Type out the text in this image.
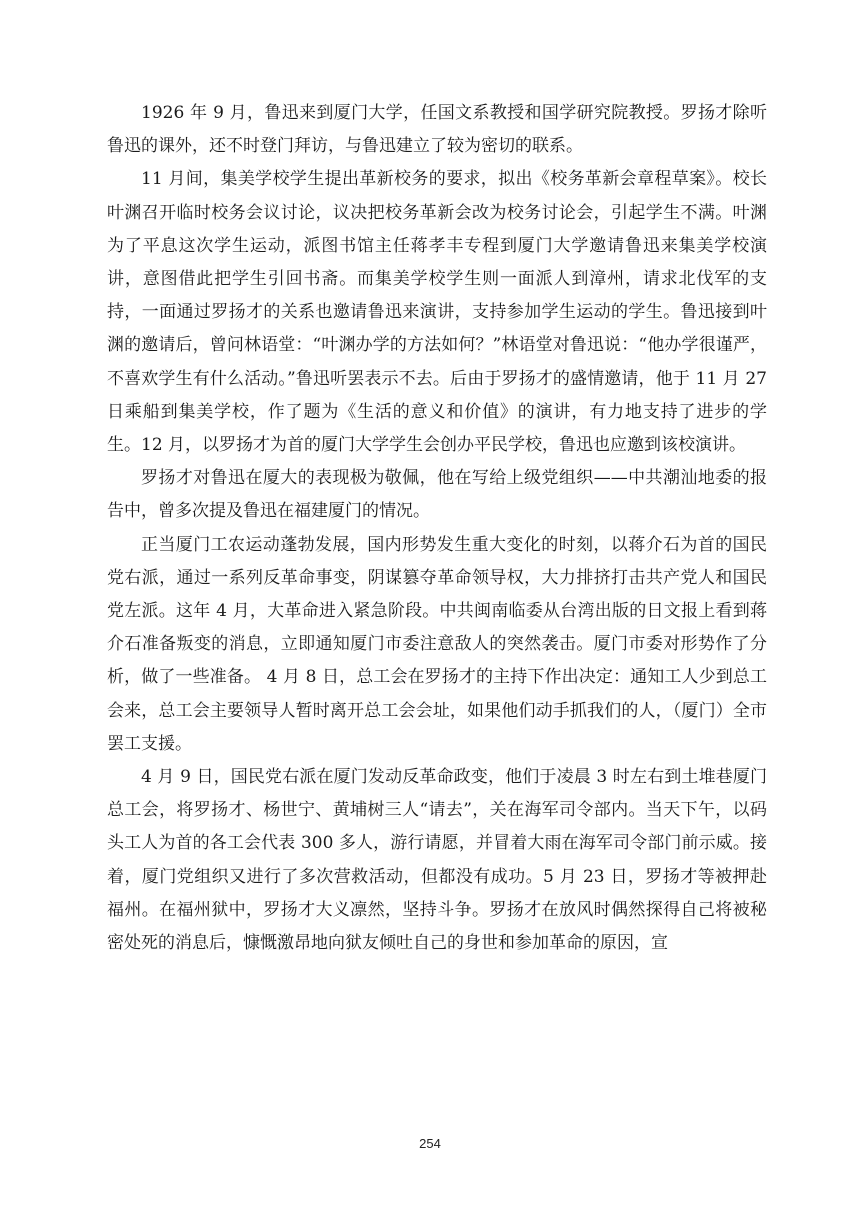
1926 年 9 月，鲁迅来到厦门大学，任国文系教授和国学研究院教授。罗扬才除听鲁迅的课外，还不时登门拜访，与鲁迅建立了较为密切的联系。

11 月间，集美学校学生提出革新校务的要求，拟出《校务革新会章程草案》。校长叶渊召开临时校务会议讨论，议决把校务革新会改为校务讨论会，引起学生不满。叶渊为了平息这次学生运动，派图书馆主任蒋孝丰专程到厦门大学邀请鲁迅来集美学校演讲，意图借此把学生引回书斋。而集美学校学生则一面派人到漳州，请求北伐军的支持，一面通过罗扬才的关系也邀请鲁迅来演讲，支持参加学生运动的学生。鲁迅接到叶渊的邀请后，曾问林语堂：“叶渊办学的方法如何？”林语堂对鲁迅说：“他办学很谨严，不喜欢学生有什么活动。”鲁迅听罢表示不去。后由于罗扬才的盛情邀请，他于 11 月 27 日乘船到集美学校，作了题为《生活的意义和价值》的演讲，有力地支持了进步的学生。12 月，以罗扬才为首的厦门大学学生会创办平民学校，鲁迅也应邀到该校演讲。

罗扬才对鲁迅在厦大的表现极为敬佩，他在写给上级党组织——中共潮汕地委的报告中，曾多次提及鲁迅在福建厦门的情况。

正当厦门工农运动蓬勃发展，国内形势发生重大变化的时刻，以蒋介石为首的国民党右派，通过一系列反革命事变，阴谋篡夺革命领导权，大力排挤打击共产党人和国民党左派。这年 4 月，大革命进入紧急阶段。中共闽南临委从台湾出版的日文报上看到蒋介石准备叛变的消息，立即通知厦门市委注意敌人的突然袭击。厦门市委对形势作了分析，做了一些准备。 4 月 8 日，总工会在罗扬才的主持下作出决定：通知工人少到总工会来，总工会主要领导人暂时离开总工会会址，如果他们动手抓我们的人，（厦门）全市罢工支援。

4 月 9 日，国民党右派在厦门发动反革命政变，他们于凌晨 3 时左右到土堆巷厦门总工会，将罗扬才、杨世宁、黄埔树三人“请去”，关在海军司令部内。当天下午，以码头工人为首的各工会代表 300 多人，游行请愿，并冒着大雨在海军司令部门前示威。接着，厦门党组织又进行了多次营救活动，但都没有成功。5 月 23 日，罗扬才等被押赴福州。在福州狱中，罗扬才大义凛然，坚持斗争。罗扬才在放风时偶然探得自己将被秘密处死的消息后，慷慨激昂地向狱友倾吐自己的身世和参加革命的原因，宣

254
